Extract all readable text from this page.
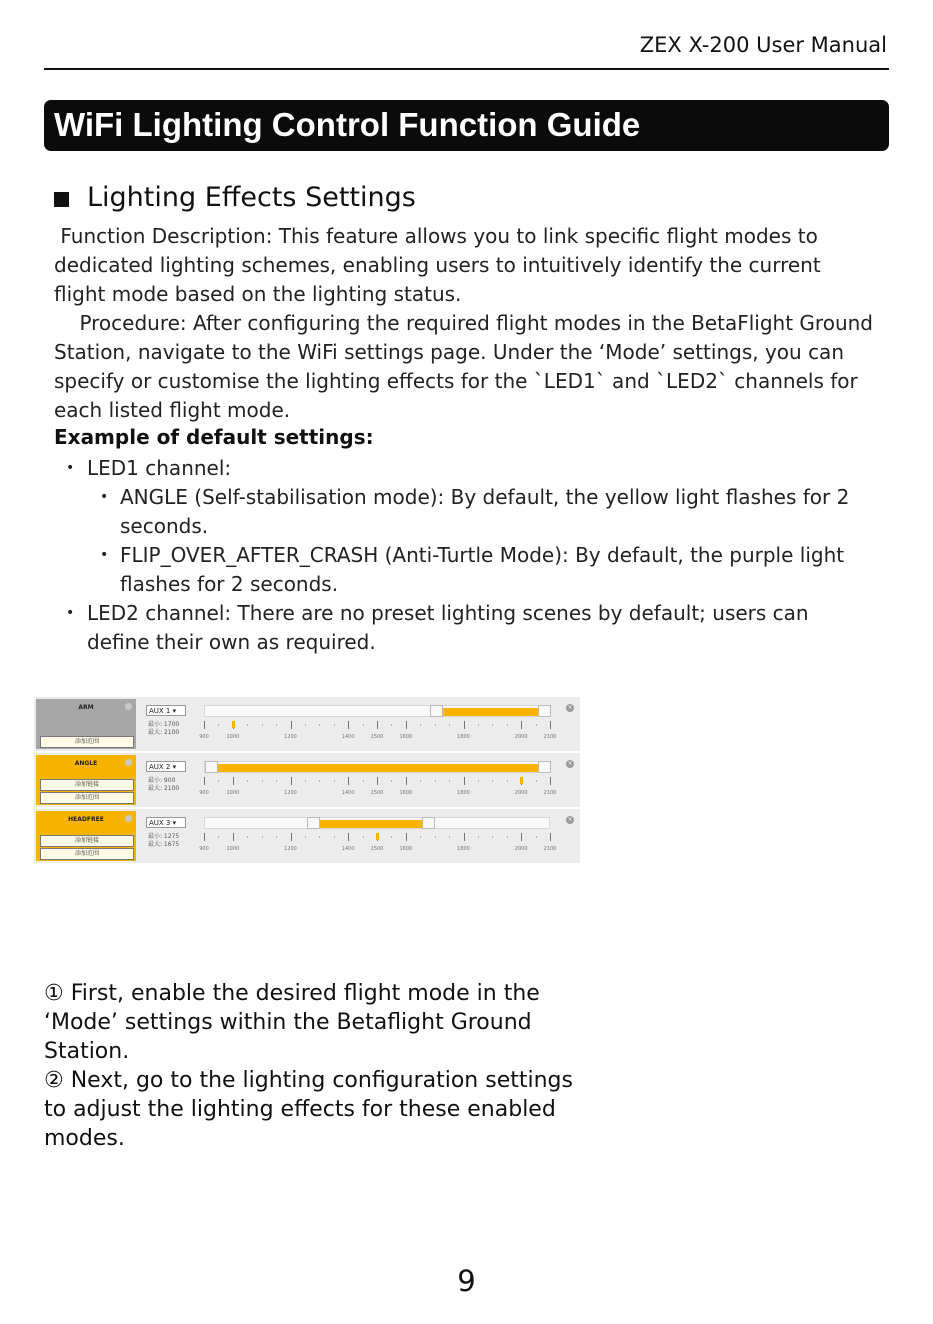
ZEX X-200 User Manual
WiFi Lighting Control Function Guide
Lighting Effects Settings
Function Description: This feature allows you to link specific flight modes to dedicated lighting schemes, enabling users to intuitively identify the current flight mode based on the lighting status.
Procedure: After configuring the required flight modes in the BetaFlight Ground Station, navigate to the WiFi settings page. Under the ‘Mode’ settings, you can specify or customise the lighting effects for the `LED1` and `LED2` channels for each listed flight mode.
Example of default settings:
• LED1 channel:
• ANGLE (Self-stabilisation mode): By default, the yellow light flashes for 2 seconds.
• FLIP_OVER_AFTER_CRASH (Anti-Turtle Mode): By default, the purple light flashes for 2 seconds.
• LED2 channel: There are no preset lighting scenes by default; users can define their own as required.
ARM
添加范围
AUX 1 ▾
最小: 1700
最大: 2100
900	1000	1200	1400	1500	1600	1800	2000	2100
×
ANGLE
添加链接
添加范围
AUX 2 ▾
最小: 900
最大: 2100
900	1000	1200	1400	1500	1600	1800	2000	2100
×
HEADFREE
添加链接
添加范围
AUX 3 ▾
最小: 1275
最大: 1675
900	1000	1200	1400	1500	1600	1800	2000	2100
×
① First, enable the desired flight mode in the ‘Mode’ settings within the Betaflight Ground Station.
② Next, go to the lighting configuration settings to adjust the lighting effects for these enabled modes.
9
